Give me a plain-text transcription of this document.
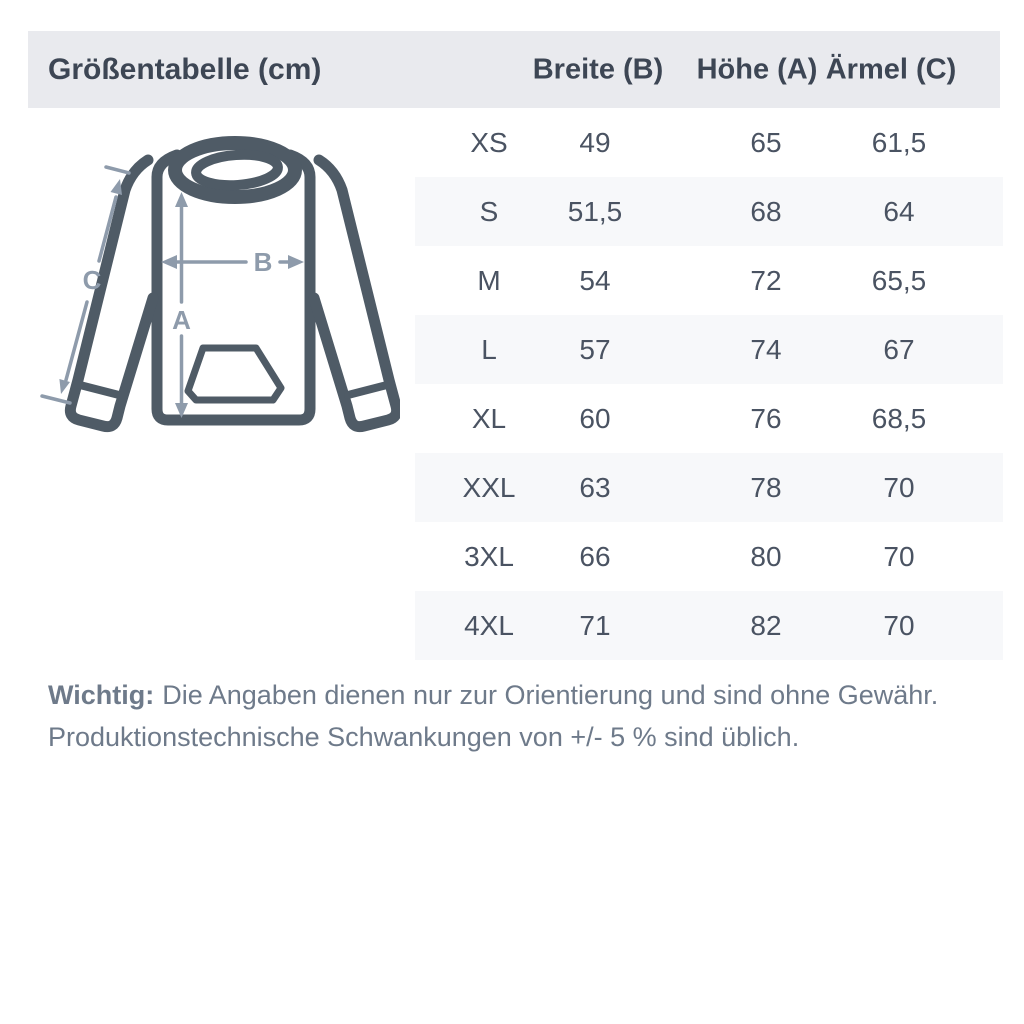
Größentabelle (cm)	Breite (B) Höhe (A) Ärmel (C)
A
B
C
XS	49	65	61,5
S 51,5	68	64
M	54	72	65,5
L	57	74	67
XL	60	76	68,5
XXL 63	78	70
3XL 66	80	70
4XL 71	82	70
Wichtig: Die Angaben dienen nur zur Orientierung und sind ohne Gewähr.
Produktionstechnische Schwankungen von +/- 5 % sind üblich.
